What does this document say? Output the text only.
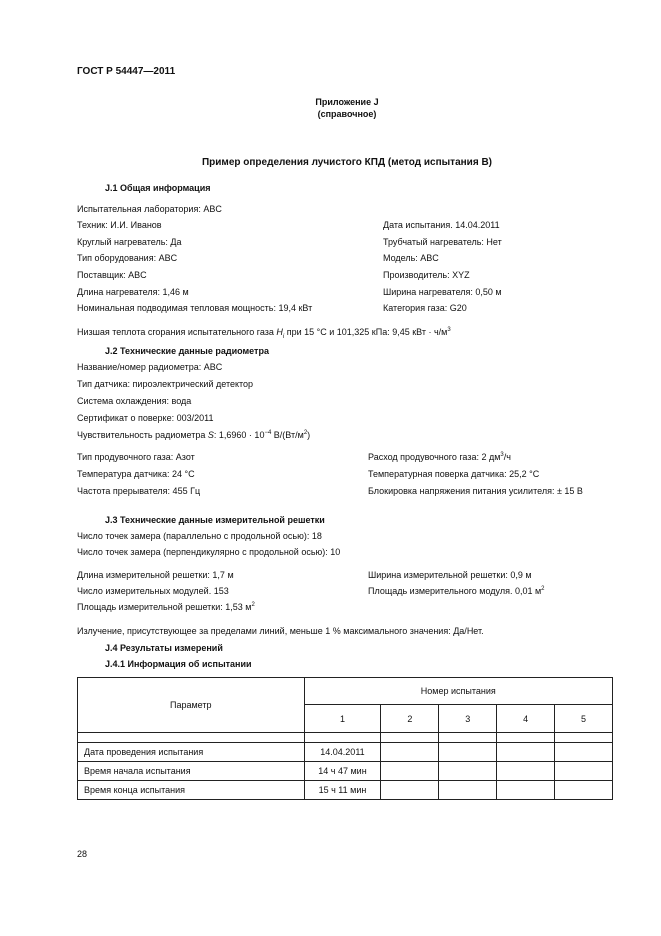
ГОСТ Р 54447—2011
Приложение J
(справочное)
Пример определения лучистого КПД (метод испытания B)
J.1 Общая информация
Испытательная лаборатория: ABC
Техник: И.И. Иванов	Дата испытания. 14.04.2011
Круглый нагреватель: Да	Трубчатый нагреватель: Нет
Тип оборудования: ABC	Модель: ABC
Поставщик: ABC	Производитель: XYZ
Длина нагревателя: 1,46 м	Ширина нагревателя: 0,50 м
Номинальная подводимая тепловая мощность: 19,4 кВт	Категория газа: G20
Низшая теплота сгорания испытательного газа $H_i$ при 15 °С и 101,325 кПа: 9,45 кВт · $ч/м^3$
J.2 Технические данные радиометра
Название/номер радиометра: ABC
Тип датчика: пироэлектрический детектор
Система охлаждения: вода
Сертификат о поверке: 003/2011
Чувствительность радиометра S: $1,6960 \cdot 10^{-4}$ $В/(Вт/м^2)$
Тип продувочного газа: Азот	Расход продувочного газа: 2 $дм^3/ч$
Температура датчика: 24 °С	Температурная поверка датчика: 25,2 °С
Частота прерывателя: 455 Гц	Блокировка напряжения питания усилителя: ± 15 В
J.3 Технические данные измерительной решетки
Число точек замера (параллельно с продольной осью): 18
Число точек замера (перпендикулярно с продольной осью): 10
Длина измерительной решетки: 1,7 м	Ширина измерительной решетки: 0,9 м
Число измерительных модулей. 153	Площадь измерительного модуля. 0,01 $м^2$
Площадь измерительной решетки: 1,53 $м^2$
Излучение, присутствующее за пределами линий, меньше 1 % максимального значения: Да/Нет.
J.4 Результаты измерений
J.4.1 Информация об испытании
Параметр	Номер испытания				
	1	2	3	4	5

Дата проведения испытания	14.04.2011				
Время начала испытания	14 ч 47 мин				
Время конца испытания	15 ч 11 мин				
28
